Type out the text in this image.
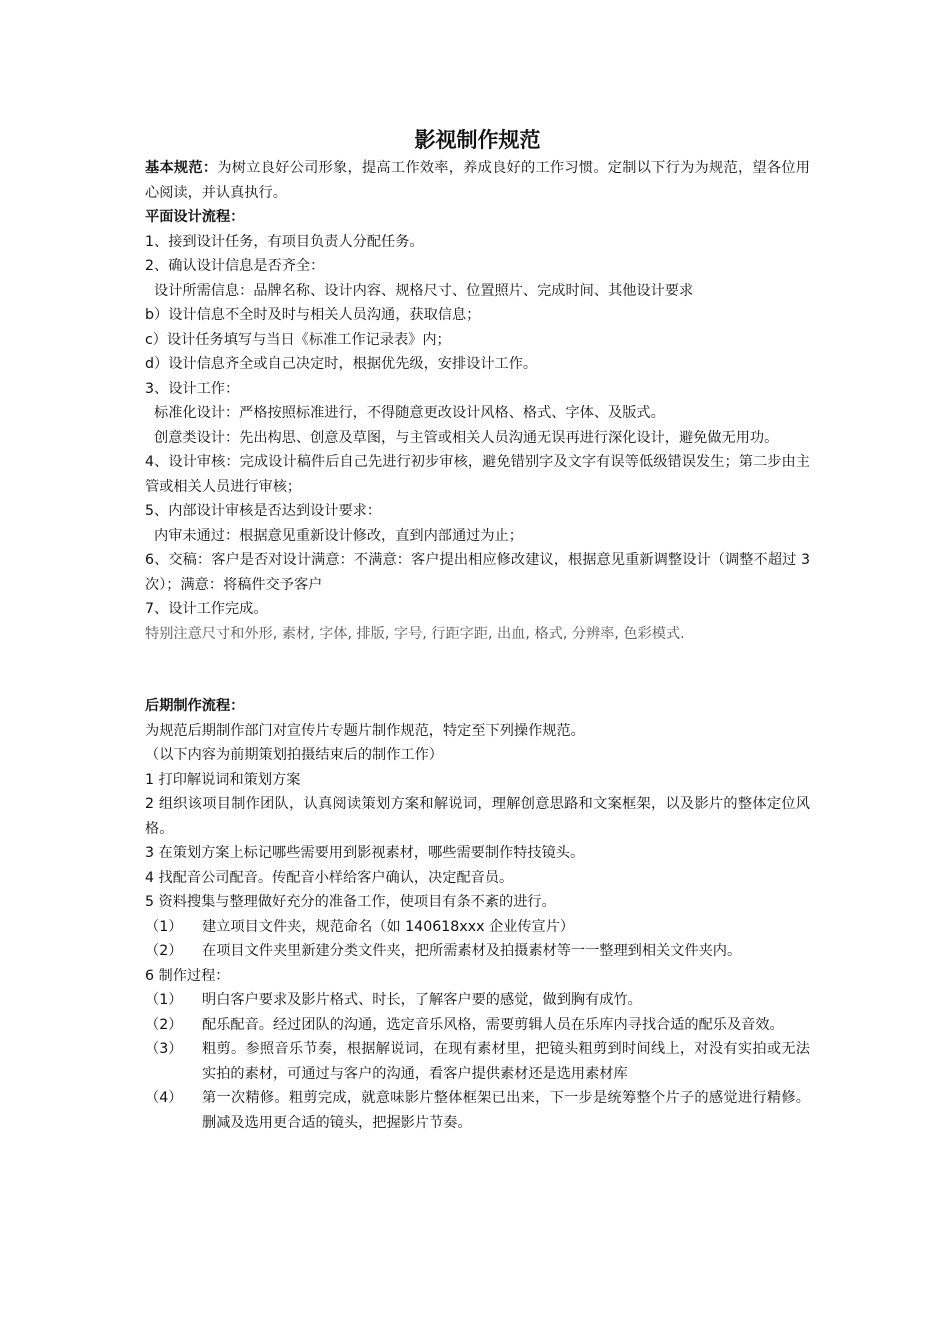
影视制作规范

基本规范：为树立良好公司形象，提高工作效率，养成良好的工作习惯。定制以下行为为规范，望各位用心阅读，并认真执行。

平面设计流程：

1、接到设计任务，有项目负责人分配任务。

2、确认设计信息是否齐全：

设计所需信息：品牌名称、设计内容、规格尺寸、位置照片、完成时间、其他设计要求

b）设计信息不全时及时与相关人员沟通，获取信息；

c）设计任务填写与当日《标准工作记录表》内；

d）设计信息齐全或自己决定时，根据优先级，安排设计工作。

3、设计工作：

标准化设计：严格按照标准进行，不得随意更改设计风格、格式、字体、及版式。

创意类设计：先出构思、创意及草图，与主管或相关人员沟通无误再进行深化设计，避免做无用功。

4、设计审核：完成设计稿件后自己先进行初步审核，避免错别字及文字有误等低级错误发生；第二步由主管或相关人员进行审核；

5、内部设计审核是否达到设计要求：

内审未通过：根据意见重新设计修改，直到内部通过为止；

6、交稿：客户是否对设计满意：不满意：客户提出相应修改建议，根据意见重新调整设计（调整不超过 3 次）；满意：将稿件交予客户

7、设计工作完成。

特别注意尺寸和外形, 素材, 字体, 排版, 字号, 行距字距, 出血, 格式, 分辨率, 色彩模式.

后期制作流程：

为规范后期制作部门对宣传片专题片制作规范，特定至下列操作规范。

（以下内容为前期策划拍摄结束后的制作工作）

1 打印解说词和策划方案

2 组织该项目制作团队，认真阅读策划方案和解说词，理解创意思路和文案框架，以及影片的整体定位风格。

3 在策划方案上标记哪些需要用到影视素材，哪些需要制作特技镜头。

4 找配音公司配音。传配音小样给客户确认，决定配音员。

5 资料搜集与整理做好充分的准备工作，使项目有条不紊的进行。

（1）	建立项目文件夹，规范命名（如 140618xxx 企业传宣片）
（2）	在项目文件夹里新建分类文件夹，把所需素材及拍摄素材等一一整理到相关文件夹内。

6 制作过程：

（1）	明白客户要求及影片格式、时长，了解客户要的感觉，做到胸有成竹。
（2）	配乐配音。经过团队的沟通，选定音乐风格，需要剪辑人员在乐库内寻找合适的配乐及音效。
（3）	粗剪。参照音乐节奏，根据解说词，在现有素材里，把镜头粗剪到时间线上，对没有实拍或无法实拍的素材，可通过与客户的沟通，看客户提供素材还是选用素材库
（4）	第一次精修。粗剪完成，就意味影片整体框架已出来，下一步是统筹整个片子的感觉进行精修。删减及选用更合适的镜头，把握影片节奏。
